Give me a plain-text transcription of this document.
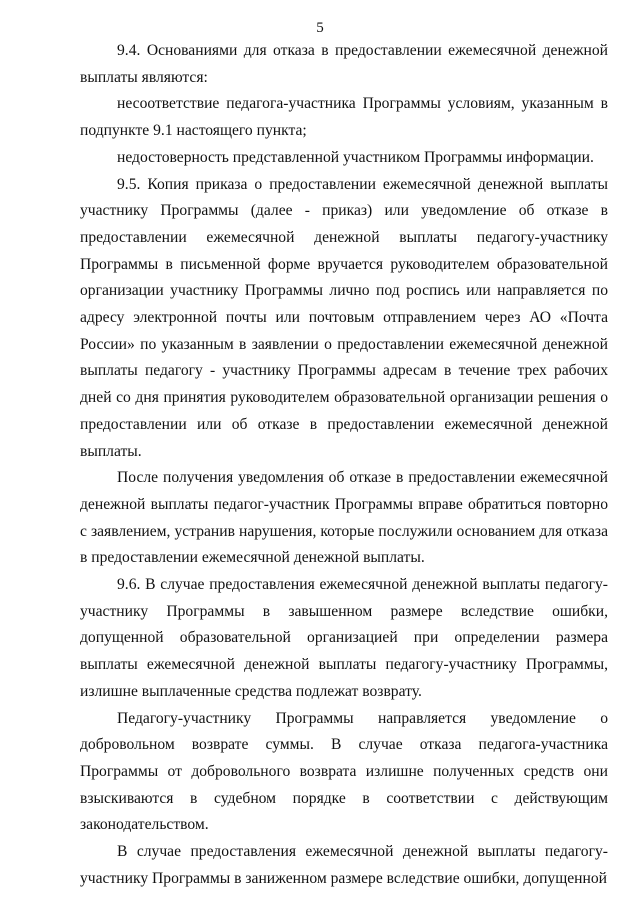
5

9.4. Основаниями для отказа в предоставлении ежемесячной денежной выплаты являются:

несоответствие педагога-участника Программы условиям, указанным в подпункте 9.1 настоящего пункта;

недостоверность представленной участником Программы информации.

9.5. Копия приказа о предоставлении ежемесячной денежной выплаты участнику Программы (далее - приказ) или уведомление об отказе в предоставлении ежемесячной денежной выплаты педагогу-участнику Программы в письменной форме вручается руководителем образовательной организации участнику Программы лично под роспись или направляется по адресу электронной почты или почтовым отправлением через АО «Почта России» по указанным в заявлении о предоставлении ежемесячной денежной выплаты педагогу - участнику Программы адресам в течение трех рабочих дней со дня принятия руководителем образовательной организации решения о предоставлении или об отказе в предоставлении ежемесячной денежной выплаты.

После получения уведомления об отказе в предоставлении ежемесячной денежной выплаты педагог-участник Программы вправе обратиться повторно с заявлением, устранив нарушения, которые послужили основанием для отказа в предоставлении ежемесячной денежной выплаты.

9.6. В случае предоставления ежемесячной денежной выплаты педагогу-участнику Программы в завышенном размере вследствие ошибки, допущенной образовательной организацией при определении размера выплаты ежемесячной денежной выплаты педагогу-участнику Программы, излишне выплаченные средства подлежат возврату.

Педагогу-участнику Программы направляется уведомление о добровольном возврате суммы. В случае отказа педагога-участника Программы от добровольного возврата излишне полученных средств они взыскиваются в судебном порядке в соответствии с действующим законодательством.

В случае предоставления ежемесячной денежной выплаты педагогу-участнику Программы в заниженном размере вследствие ошибки, допущенной
